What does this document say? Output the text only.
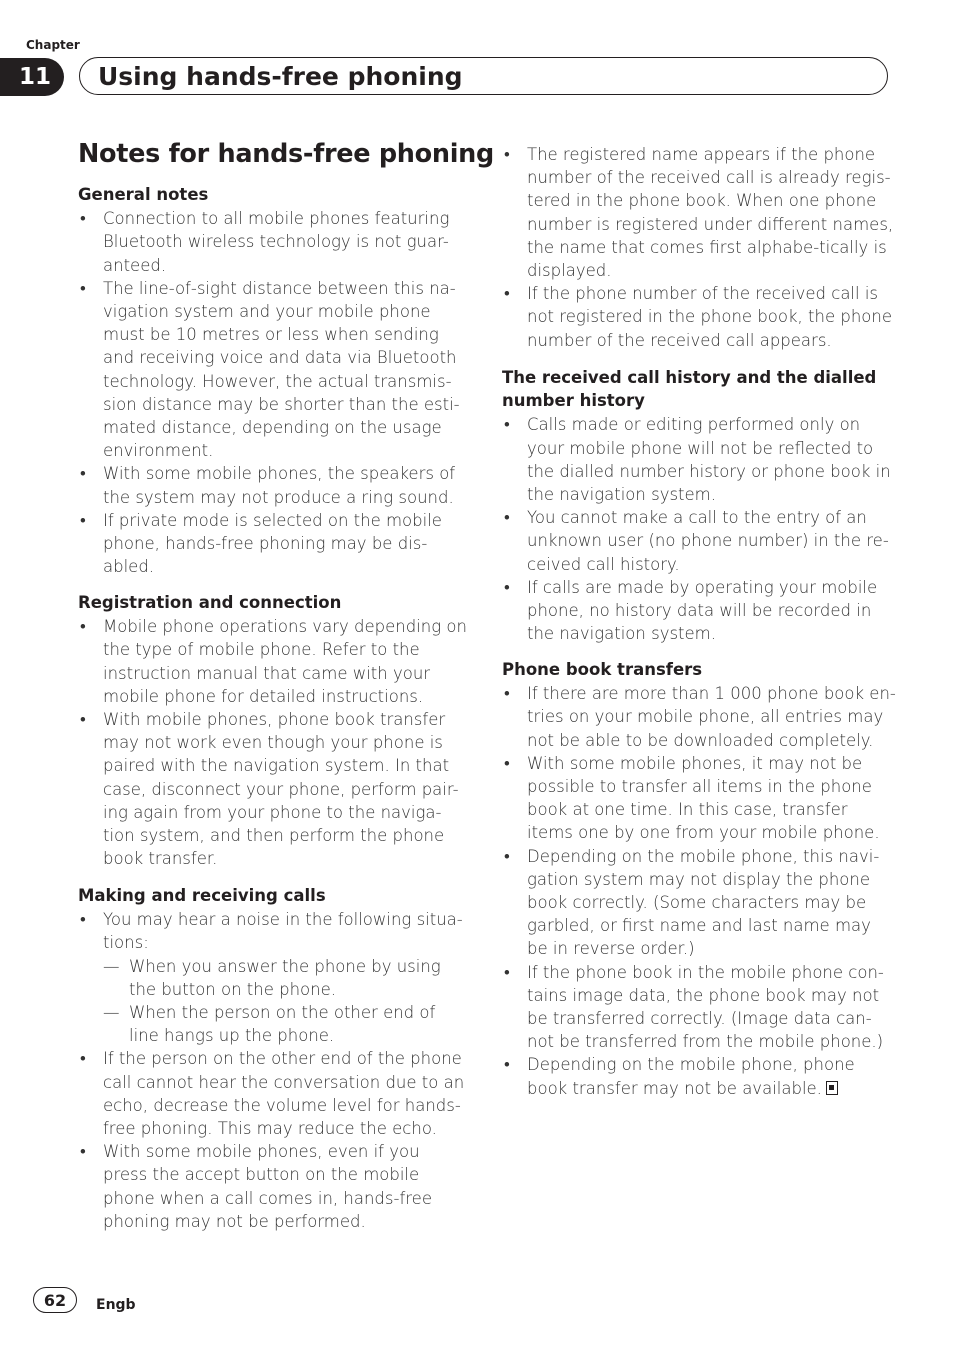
Chapter
11	Using hands-free phoning
Notes for hands-free phoning

General notes

• Connection to all mobile phones featuring Bluetooth wireless technology is not guar-anteed.
• The line-of-sight distance between this na-vigation system and your mobile phone must be 10 metres or less when sending and receiving voice and data via Bluetooth technology. However, the actual transmis-sion distance may be shorter than the esti-mated distance, depending on the usage environment.
• With some mobile phones, the speakers of the system may not produce a ring sound.
• If private mode is selected on the mobile phone, hands-free phoning may be dis-abled.

Registration and connection

• Mobile phone operations vary depending on the type of mobile phone. Refer to the instruction manual that came with your mobile phone for detailed instructions.
• With mobile phones, phone book transfer may not work even though your phone is paired with the navigation system. In that case, disconnect your phone, perform pair-ing again from your phone to the naviga-tion system, and then perform the phone book transfer.

Making and receiving calls

• You may hear a noise in the following situa-tions:
— When you answer the phone by using the button on the phone.
— When the person on the other end of line hangs up the phone.
• If the person on the other end of the phone call cannot hear the conversation due to an echo, decrease the volume level for hands-free phoning. This may reduce the echo.
• With some mobile phones, even if you press the accept button on the mobile phone when a call comes in, hands-free phoning may not be performed.
• The registered name appears if the phone number of the received call is already regis-tered in the phone book. When one phone number is registered under different names, the name that comes first alphabe-tically is displayed.
• If the phone number of the received call is not registered in the phone book, the phone number of the received call appears.

The received call history and the dialled number history

• Calls made or editing performed only on your mobile phone will not be reflected to the dialled number history or phone book in the navigation system.
• You cannot make a call to the entry of an unknown user (no phone number) in the re-ceived call history.
• If calls are made by operating your mobile phone, no history data will be recorded in the navigation system.

Phone book transfers

• If there are more than 1 000 phone book en-tries on your mobile phone, all entries may not be able to be downloaded completely.
• With some mobile phones, it may not be possible to transfer all items in the phone book at one time. In this case, transfer items one by one from your mobile phone.
• Depending on the mobile phone, this navi-gation system may not display the phone book correctly. (Some characters may be garbled, or first name and last name may be in reverse order.)
• If the phone book in the mobile phone con-tains image data, the phone book may not be transferred correctly. (Image data can-not be transferred from the mobile phone.)
• Depending on the mobile phone, phone book transfer may not be available.
62	Engb
